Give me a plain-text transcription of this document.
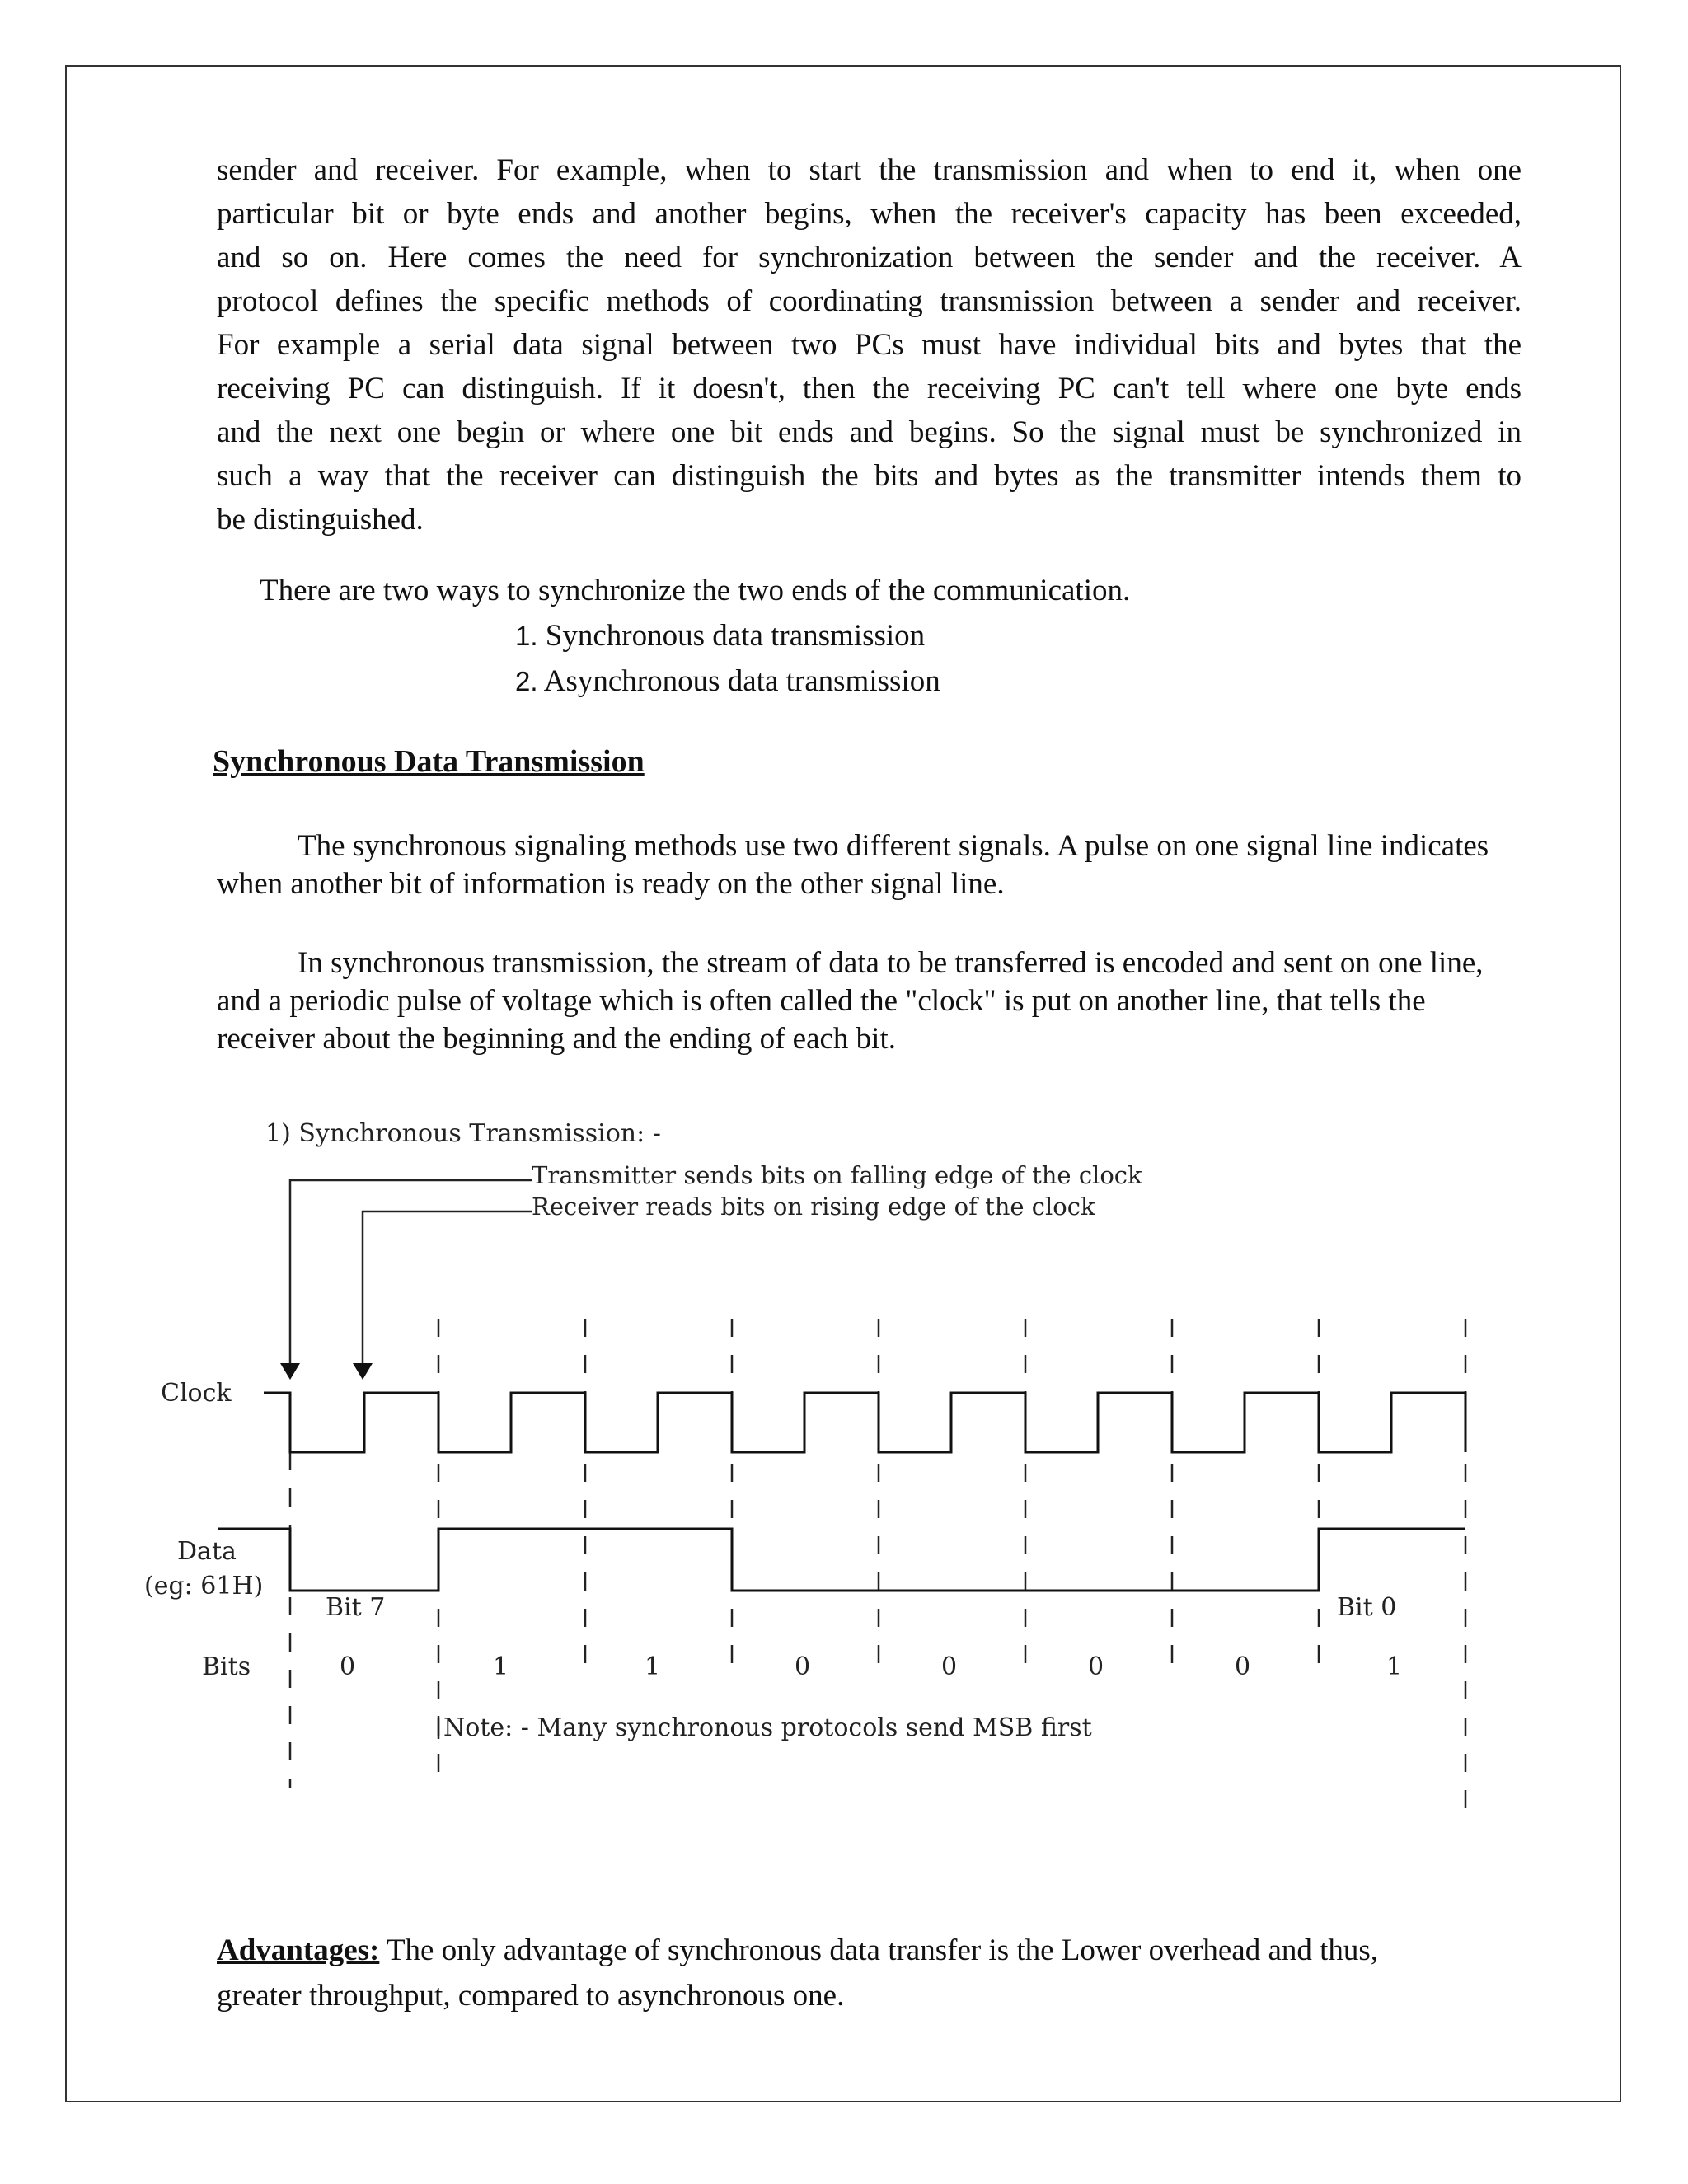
sender and receiver. For example, when to start the transmission and when to end it, when one
particular bit or byte ends and another begins, when the receiver's capacity has been exceeded,
and so on. Here comes the need for synchronization between the sender and the receiver. A
protocol defines the specific methods of coordinating transmission between a sender and receiver.
For example a serial data signal between two PCs must have individual bits and bytes that the
receiving PC can distinguish. If it doesn't, then the receiving PC can't tell where one byte ends
and the next one begin or where one bit ends and begins. So the signal must be synchronized in
such a way that the receiver can distinguish the bits and bytes as the transmitter intends them to
be distinguished.
There are two ways to synchronize the two ends of the communication.
1. Synchronous data transmission
2. Asynchronous data transmission
Synchronous Data Transmission
The synchronous signaling methods use two different signals. A pulse on one signal line indicates when another bit of information is ready on the other signal line.
In synchronous transmission, the stream of data to be transferred is encoded and sent on one line, and a periodic pulse of voltage which is often called the "clock" is put on another line, that tells the receiver about the beginning and the ending of each bit.
1) Synchronous Transmission: -
Transmitter sends bits on falling edge of the clock
Receiver reads bits on rising edge of the clock
Clock
Data
(eg: 61H)
Bit 7	Bit 0
Bits	0	1	1	0	0	0	0	1
Note: - Many synchronous protocols send MSB first
Advantages: The only advantage of synchronous data transfer is the Lower overhead and thus,
greater throughput, compared to asynchronous one.
